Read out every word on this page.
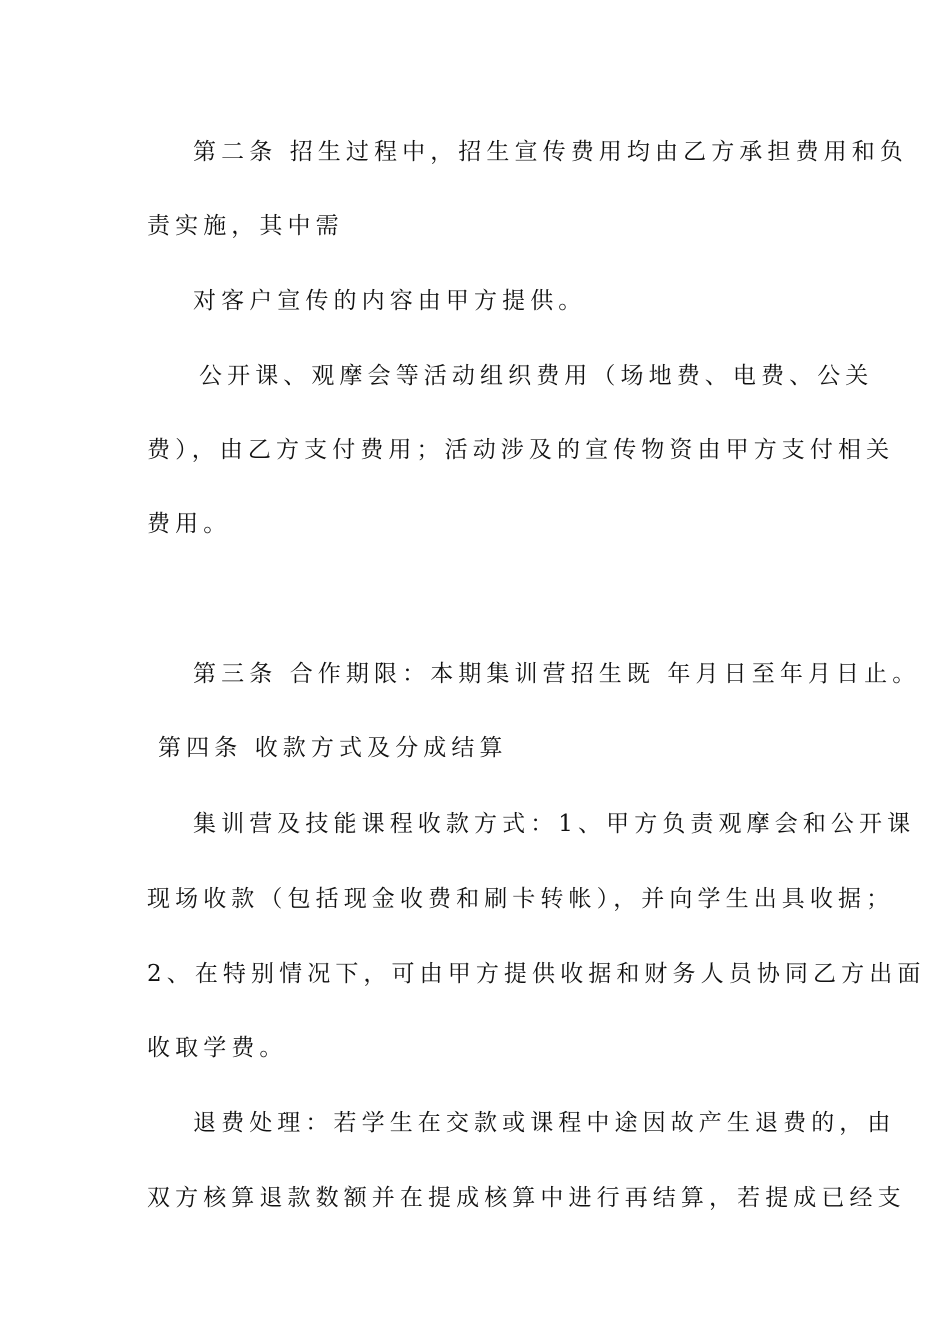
第二条 招生过程中，招生宣传费用均由乙方承担费用和负
责实施，其中需
对客户宣传的内容由甲方提供。
公开课、观摩会等活动组织费用（场地费、电费、公关
费），由乙方支付费用；活动涉及的宣传物资由甲方支付相关
费用。
第三条 合作期限：本期集训营招生既 年月日至年月日止。
第四条 收款方式及分成结算
集训营及技能课程收款方式：1、甲方负责观摩会和公开课
现场收款（包括现金收费和刷卡转帐），并向学生出具收据；
2、在特别情况下，可由甲方提供收据和财务人员协同乙方出面
收取学费。
退费处理：若学生在交款或课程中途因故产生退费的，由
双方核算退款数额并在提成核算中进行再结算，若提成已经支
